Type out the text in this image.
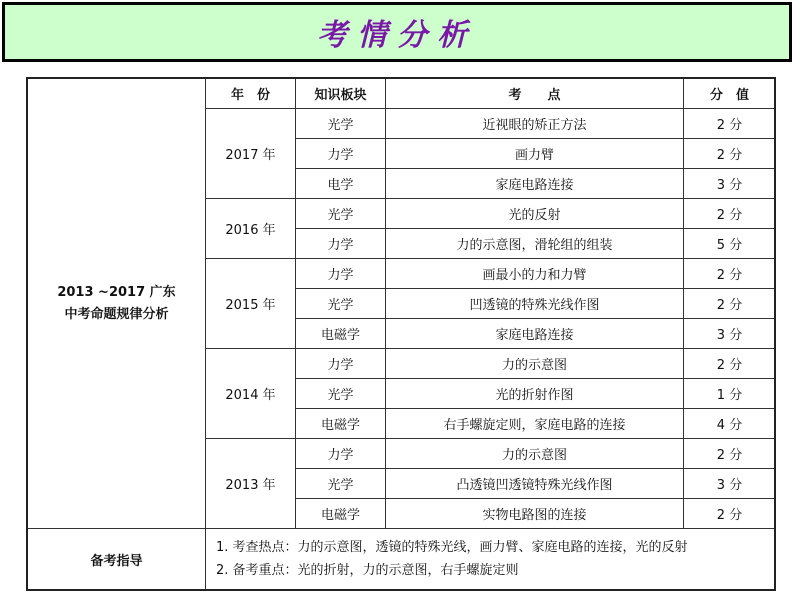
考情分析
2013 ~2017 广东
中考命题规律分析	年　份	知识板块	考　　点	分　值
	2017 年	光学	近视眼的矫正方法	2 分
		力学	画力臂	2 分
		电学	家庭电路连接	3 分
	2016 年	光学	光的反射	2 分
		力学	力的示意图，滑轮组的组装	5 分
	2015 年	力学	画最小的力和力臂	2 分
		光学	凹透镜的特殊光线作图	2 分
		电磁学	家庭电路连接	3 分
	2014 年	力学	力的示意图	2 分
		光学	光的折射作图	1 分
		电磁学	右手螺旋定则，家庭电路的连接	4 分
	2013 年	力学	力的示意图	2 分
		光学	凸透镜凹透镜特殊光线作图	3 分
		电磁学	实物电路图的连接	2 分
备考指导	1. 考查热点：力的示意图，透镜的特殊光线，画力臂、家庭电路的连接，光的反射
2. 备考重点：光的折射，力的示意图，右手螺旋定则			
